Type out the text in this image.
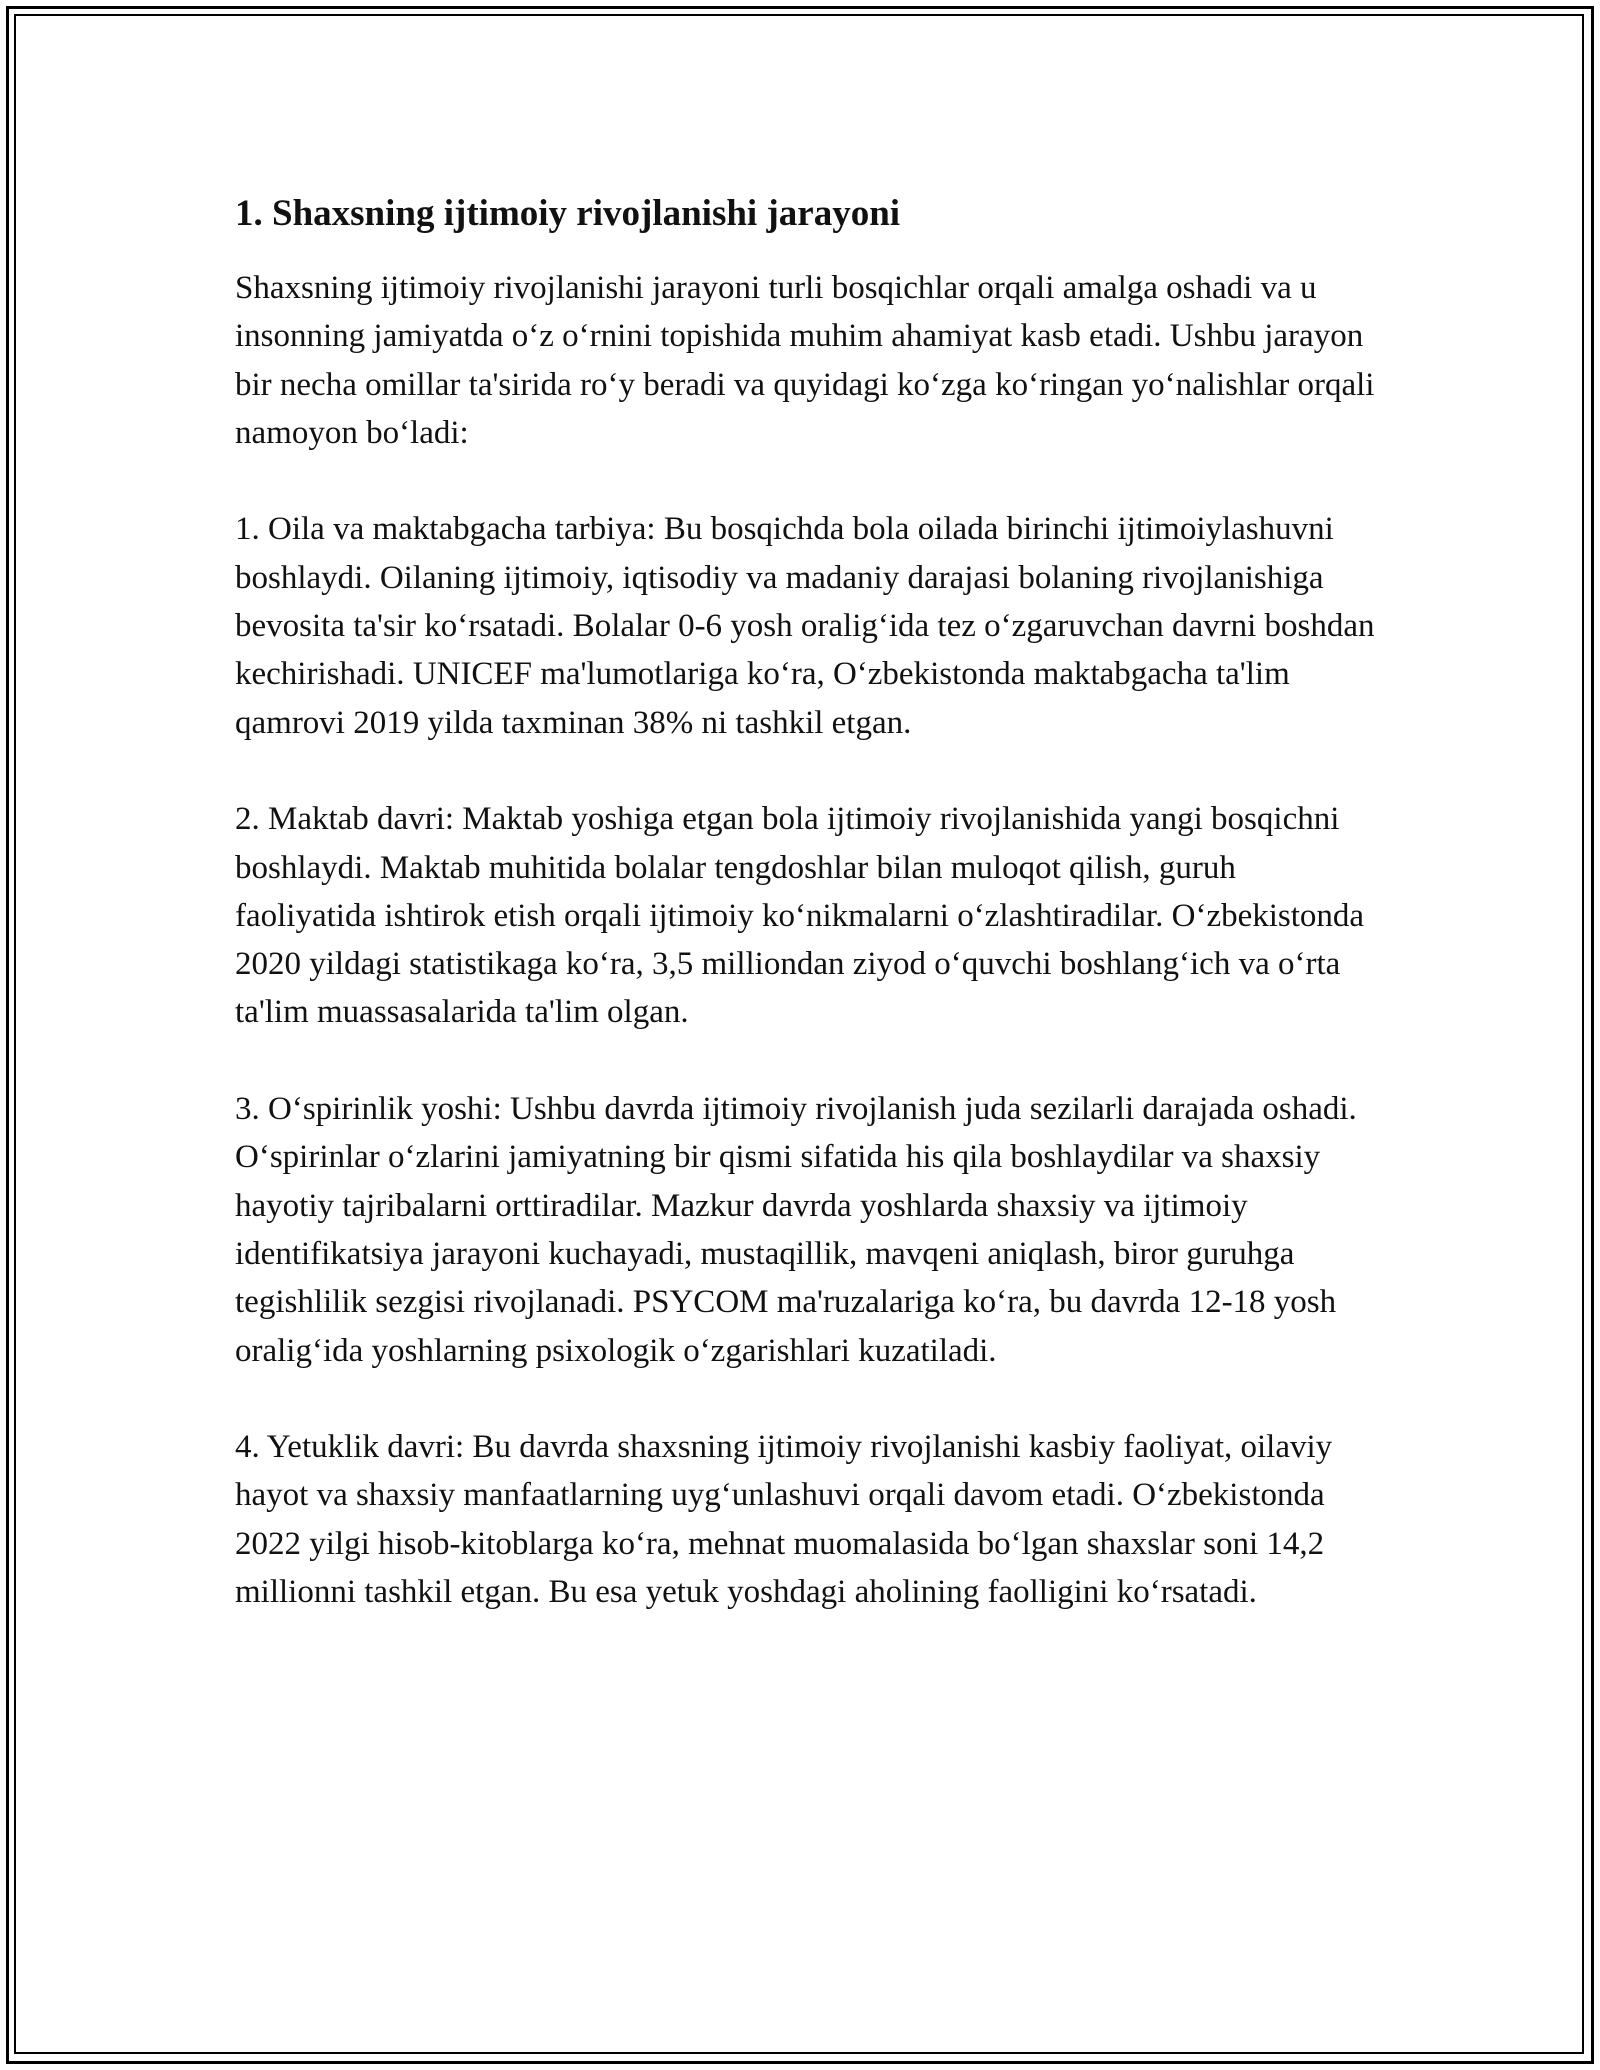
1. Shaxsning ijtimoiy rivojlanishi jarayoni

Shaxsning ijtimoiy rivojlanishi jarayoni turli bosqichlar orqali amalga oshadi va u insonning jamiyatda o‘z o‘rnini topishida muhim ahamiyat kasb etadi. Ushbu jarayon bir necha omillar ta'sirida ro‘y beradi va quyidagi ko‘zga ko‘ringan yo‘nalishlar orqali namoyon bo‘ladi:

1. Oila va maktabgacha tarbiya: Bu bosqichda bola oilada birinchi ijtimoiylashuvni boshlaydi. Oilaning ijtimoiy, iqtisodiy va madaniy darajasi bolaning rivojlanishiga bevosita ta'sir ko‘rsatadi. Bolalar 0-6 yosh oralig‘ida tez o‘zgaruvchan davrni boshdan kechirishadi. UNICEF ma'lumotlariga ko‘ra, O‘zbekistonda maktabgacha ta'lim qamrovi 2019 yilda taxminan 38% ni tashkil etgan.

2. Maktab davri: Maktab yoshiga etgan bola ijtimoiy rivojlanishida yangi bosqichni boshlaydi. Maktab muhitida bolalar tengdoshlar bilan muloqot qilish, guruh faoliyatida ishtirok etish orqali ijtimoiy ko‘nikmalarni o‘zlashtiradilar. O‘zbekistonda 2020 yildagi statistikaga ko‘ra, 3,5 milliondan ziyod o‘quvchi boshlang‘ich va o‘rta ta'lim muassasalarida ta'lim olgan.

3. O‘spirinlik yoshi: Ushbu davrda ijtimoiy rivojlanish juda sezilarli darajada oshadi. O‘spirinlar o‘zlarini jamiyatning bir qismi sifatida his qila boshlaydilar va shaxsiy hayotiy tajribalarni orttiradilar. Mazkur davrda yoshlarda shaxsiy va ijtimoiy identifikatsiya jarayoni kuchayadi, mustaqillik, mavqeni aniqlash, biror guruhga tegishlilik sezgisi rivojlanadi. PSYCOM ma'ruzalariga ko‘ra, bu davrda 12-18 yosh oralig‘ida yoshlarning psixologik o‘zgarishlari kuzatiladi.

4. Yetuklik davri: Bu davrda shaxsning ijtimoiy rivojlanishi kasbiy faoliyat, oilaviy hayot va shaxsiy manfaatlarning uyg‘unlashuvi orqali davom etadi. O‘zbekistonda 2022 yilgi hisob-kitoblarga ko‘ra, mehnat muomalasida bo‘lgan shaxslar soni 14,2 millionni tashkil etgan. Bu esa yetuk yoshdagi aholining faolligini ko‘rsatadi.
